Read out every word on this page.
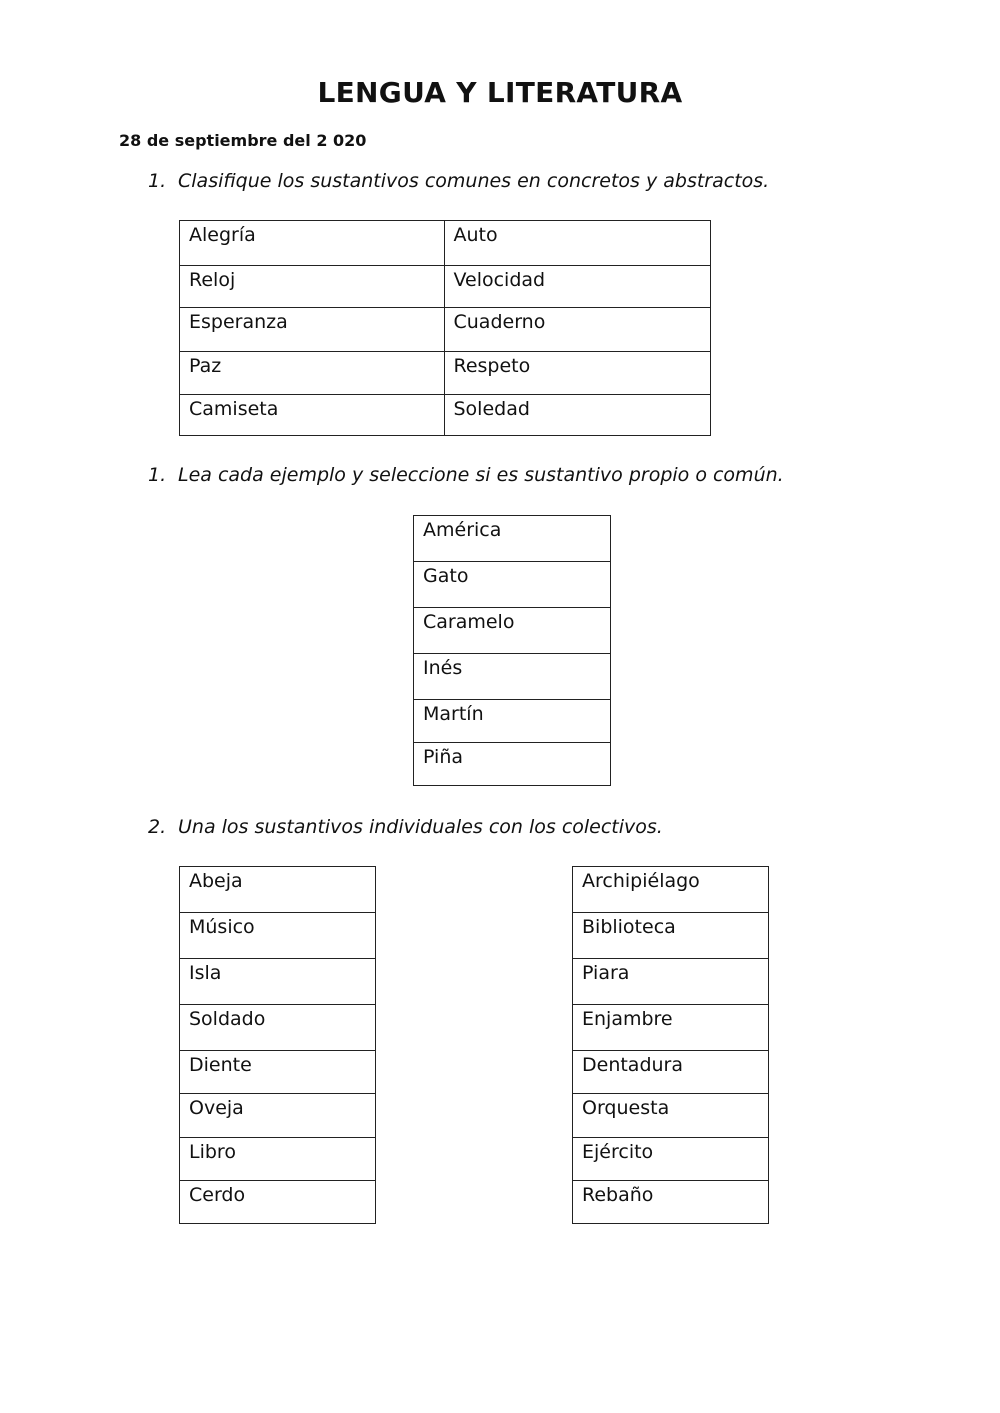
LENGUA Y LITERATURA
28 de septiembre del 2 020
1. Clasifique los sustantivos comunes en concretos y abstractos.
Alegría	Auto
Reloj	Velocidad
Esperanza	Cuaderno
Paz	Respeto
Camiseta	Soledad
1. Lea cada ejemplo y seleccione si es sustantivo propio o común.
América
Gato
Caramelo
Inés
Martín
Piña
2. Una los sustantivos individuales con los colectivos.
Abeja
Músico
Isla
Soldado
Diente
Oveja
Libro
Cerdo
Archipiélago
Biblioteca
Piara
Enjambre
Dentadura
Orquesta
Ejército
Rebaño
